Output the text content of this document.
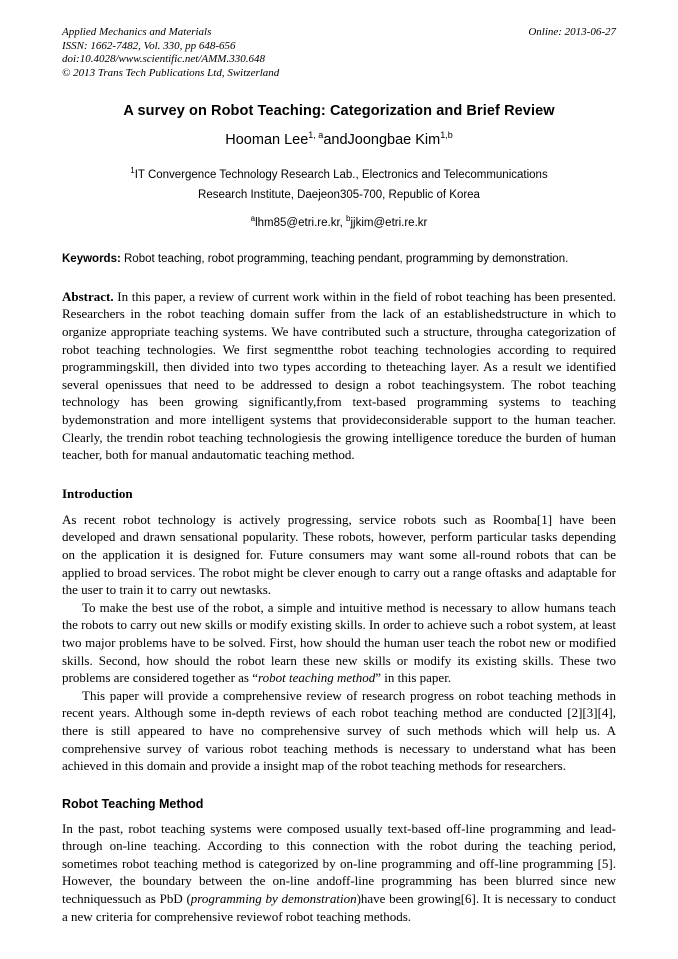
Applied Mechanics and Materials
ISSN: 1662-7482, Vol. 330, pp 648-656
doi:10.4028/www.scientific.net/AMM.330.648
© 2013 Trans Tech Publications Ltd, Switzerland
Online: 2013-06-27
A survey on Robot Teaching: Categorization and Brief Review
Hooman Lee$^{1, a}$andJoongbae Kim$^{1,b}$
$^1$IT Convergence Technology Research Lab., Electronics and Telecommunications
Research Institute, Daejeon305-700, Republic of Korea
$^a$lhm85@etri.re.kr, $^b$jjkim@etri.re.kr
Keywords: Robot teaching, robot programming, teaching pendant, programming by demonstration.
Abstract. In this paper, a review of current work within in the field of robot teaching has been presented. Researchers in the robot teaching domain suffer from the lack of an establishedstructure in which to organize appropriate teaching systems. We have contributed such a structure, througha categorization of robot teaching technologies. We first segmentthe robot teaching technologies according to required programmingskill, then divided into two types according to theteaching layer. As a result we identified several openissues that need to be addressed to design a robot teachingsystem. The robot teaching technology has been growing significantly,from text-based programming systems to teaching bydemonstration and more intelligent systems that provideconsiderable support to the human teacher. Clearly, the trendin robot teaching technologiesis the growing intelligence toreduce the burden of human teacher, both for manual andautomatic teaching method.
Introduction

As recent robot technology is actively progressing, service robots such as Roomba[1] have been developed and drawn sensational popularity. These robots, however, perform particular tasks depending on the application it is designed for. Future consumers may want some all-round robots that can be applied to broad services. The robot might be clever enough to carry out a range oftasks and adaptable for the user to train it to carry out newtasks.

To make the best use of the robot, a simple and intuitive method is necessary to allow humans teach the robots to carry out new skills or modify existing skills. In order to achieve such a robot system, at least two major problems have to be solved. First, how should the human user teach the robot new or modified skills. Second, how should the robot learn these new skills or modify its existing skills. These two problems are considered together as “robot teaching method” in this paper.

This paper will provide a comprehensive review of research progress on robot teaching methods in recent years. Although some in-depth reviews of each robot teaching method are conducted [2][3][4], there is still appeared to have no comprehensive survey of such methods which will help us. A comprehensive survey of various robot teaching methods is necessary to understand what has been achieved in this domain and provide a insight map of the robot teaching methods for researchers.

Robot Teaching Method

In the past, robot teaching systems were composed usually text-based off-line programming and lead-through on-line teaching. According to this connection with the robot during the teaching period, sometimes robot teaching method is categorized by on-line programming and off-line programming [5]. However, the boundary between the on-line andoff-line programming has been blurred since new techniquessuch as PbD (programming by demonstration)have been growing[6]. It is necessary to conduct a new criteria for comprehensive reviewof robot teaching methods.
